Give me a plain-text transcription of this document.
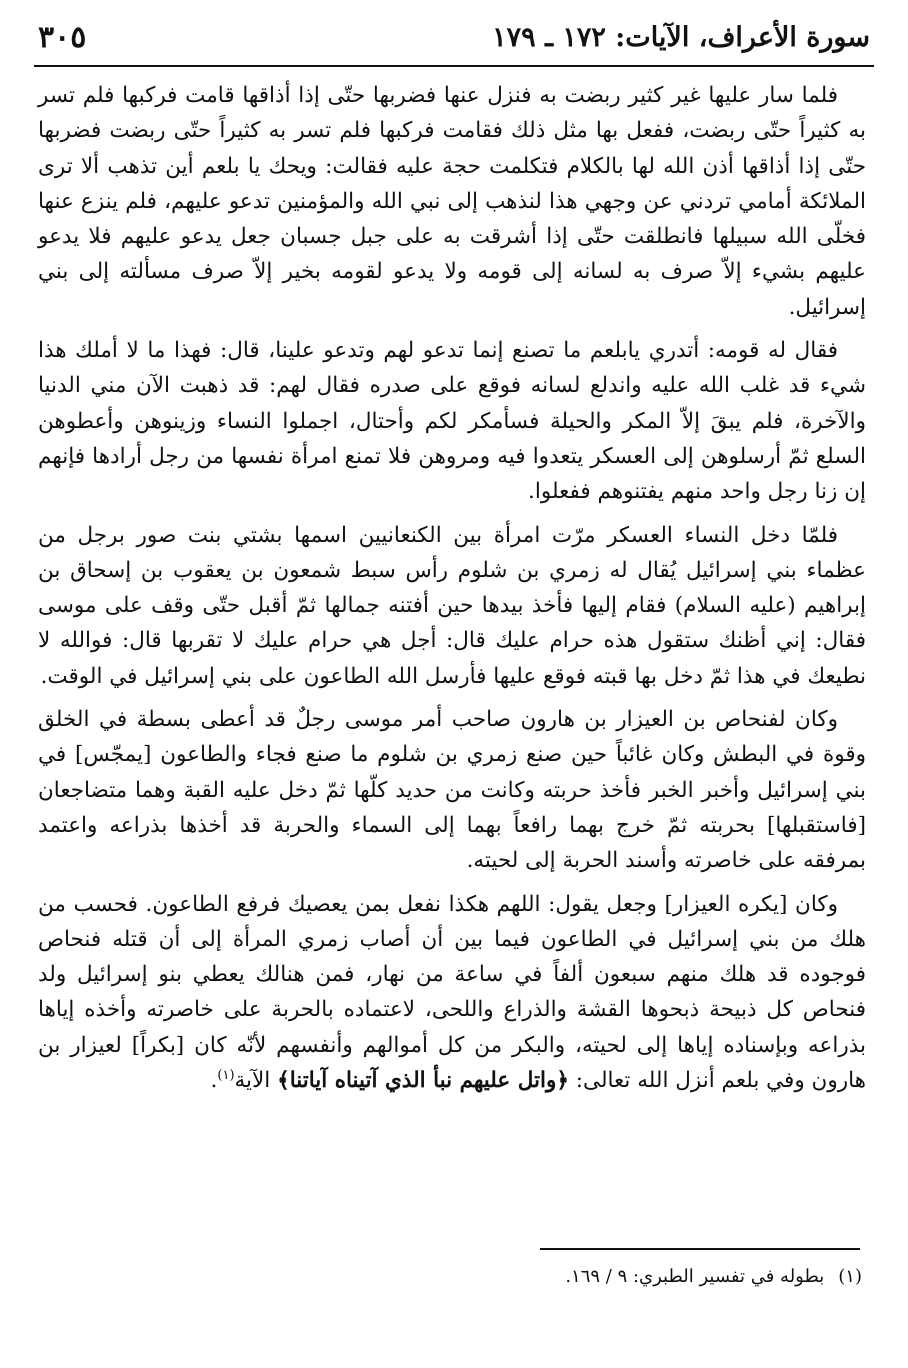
سورة الأعراف، الآيات: ١٧٢ ـ ١٧٩
٣٠٥

فلما سار عليها غير كثير ربضت به فنزل عنها فضربها حتّى إذا أذاقها قامت فركبها فلم تسر به كثيراً حتّى ربضت، ففعل بها مثل ذلك فقامت فركبها فلم تسر به كثيراً حتّى ربضت فضربها حتّى إذا أذاقها أذن الله لها بالكلام فتكلمت حجة عليه فقالت: ويحك يا بلعم أين تذهب ألا ترى الملائكة أمامي تردني عن وجهي هذا لنذهب إلى نبي الله والمؤمنين تدعو عليهم، فلم ينزع عنها فخلّى الله سبيلها فانطلقت حتّى إذا أشرقت به على جبل جسبان جعل يدعو عليهم فلا يدعو عليهم بشيء إلاّ صرف به لسانه إلى قومه ولا يدعو لقومه بخير إلاّ صرف مسألته إلى بني إسرائيل.

فقال له قومه: أتدري يابلعم ما تصنع إنما تدعو لهم وتدعو علينا، قال: فهذا ما لا أملك هذا شيء قد غلب الله عليه واندلع لسانه فوقع على صدره فقال لهم: قد ذهبت الآن مني الدنيا والآخرة، فلم يبقَ إلاّ المكر والحيلة فسأمكر لكم وأحتال، اجملوا النساء وزينوهن وأعطوهن السلع ثمّ أرسلوهن إلى العسكر يتعدوا فيه ومروهن فلا تمنع امرأة نفسها من رجل أرادها فإنهم إن زنا رجل واحد منهم يفتنوهم ففعلوا.

فلمّا دخل النساء العسكر مرّت امرأة بين الكنعانيين اسمها بشتي بنت صور برجل من عظماء بني إسرائيل يُقال له زمري بن شلوم رأس سبط شمعون بن يعقوب بن إسحاق بن إبراهيم (عليه السلام) فقام إليها فأخذ بيدها حين أفتنه جمالها ثمّ أقبل حتّى وقف على موسى فقال: إني أظنك ستقول هذه حرام عليك قال: أجل هي حرام عليك لا تقربها قال: فوالله لا نطيعك في هذا ثمّ دخل بها قبته فوقع عليها فأرسل الله الطاعون على بني إسرائيل في الوقت.

وكان لفنحاص بن العيزار بن هارون صاحب أمر موسى رجلٌ قد أعطى بسطة في الخلق وقوة في البطش وكان غائباً حين صنع زمري بن شلوم ما صنع فجاء والطاعون [يمجّس] في بني إسرائيل وأخبر الخبر فأخذ حربته وكانت من حديد كلّها ثمّ دخل عليه القبة وهما متضاجعان [فاستقبلها] بحربته ثمّ خرج بهما رافعاً بهما إلى السماء والحربة قد أخذها بذراعه واعتمد بمرفقه على خاصرته وأسند الحربة إلى لحيته.

وكان [يكره العيزار] وجعل يقول: اللهم هكذا نفعل بمن يعصيك فرفع الطاعون. فحسب من هلك من بني إسرائيل في الطاعون فيما بين أن أصاب زمري المرأة إلى أن قتله فنحاص فوجوده قد هلك منهم سبعون ألفاً في ساعة من نهار، فمن هنالك يعطي بنو إسرائيل ولد فنحاص كل ذبيحة ذبحوها القشة والذراع واللحى، لاعتماده بالحربة على خاصرته وأخذه إياها بذراعه وبإسناده إياها إلى لحيته، والبكر من كل أموالهم وأنفسهم لأنّه كان [بكراً] لعيزار بن هارون وفي بلعم أنزل الله تعالى: ﴿واتل عليهم نبأ الذي آتيناه آياتنا﴾ الآية$^{(١)}$.

(١)بطوله في تفسير الطبري: ٩ / ١٦٩.
